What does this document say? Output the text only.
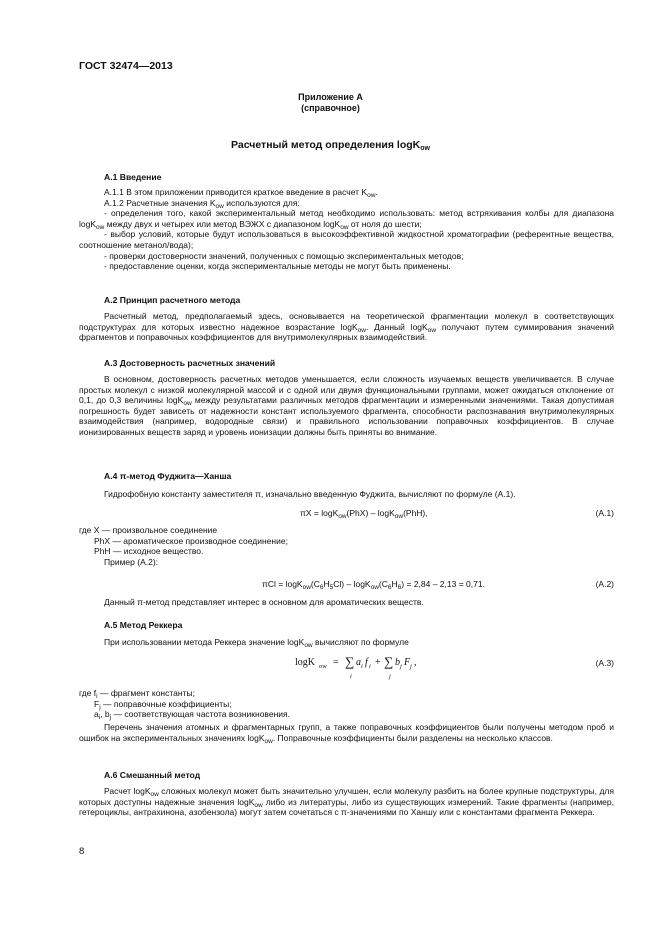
ГОСТ 32474—2013
Приложение А
(справочное)
Расчетный метод определения logK$_{ow}$
А.1 Введение

А.1.1 В этом приложении приводится краткое введение в расчет $K_{ow}$.

А.1.2 Расчетные значения $K_{ow}$ используются для:

- определения того, какой экспериментальный метод необходимо использовать: метод встряхивания колбы для диапазона logK$_{ow}$ между двух и четырех или метод ВЭЖХ с диапазоном logK$_{ow}$ от ноля до шести;

- выбор условий, которые будут использоваться в высокоэффективной жидкостной хроматографии (референтные вещества, соотношение метанол/вода);

- проверки достоверности значений, полученных с помощью экспериментальных методов;

- предоставление оценки, когда экспериментальные методы не могут быть применены.

А.2 Принцип расчетного метода

Расчетный метод, предполагаемый здесь, основывается на теоретической фрагментации молекул в соответствующих подструктурах для которых известно надежное возрастание logK$_{ow}$. Данный logK$_{ow}$ получают путем суммирования значений фрагментов и поправочных коэффициентов для внутримолекулярных взаимодействий.

А.3 Достоверность расчетных значений

В основном, достоверность расчетных методов уменьшается, если сложность изучаемых веществ увеличивается. В случае простых молекул с низкой молекулярной массой и с одной или двумя функциональными группами, может ожидаться отклонение от 0,1, до 0,3 величины logK$_{ow}$ между результатами различных методов фрагментации и измеренными значениями. Такая допустимая погрешность будет зависеть от надежности констант используемого фрагмента, способности распознавания внутримолекулярных взаимодействия (например, водородные связи) и правильного использовании поправочных коэффициентов. В случае ионизированных веществ заряд и уровень ионизации должны быть приняты во внимание.

А.4 π-метод Фуджита—Ханша

Гидрофобную константу заместителя π, изначально введенную Фуджита, вычисляют по формуле (А.1).

πX = logK$_{ow}$(PhX) – logK$_{ow}$(PhH),	(А.1)
где X — произвольное соединение
PhX — ароматическое производное соединение;
PhH — исходное вещество.
Пример (А.2):
$\pi Cl = \log K_{ow}(C_6H_5Cl) - \log K_{ow}(C_6H_6) = 2,84 - 2,13 = 0,71$.	(А.2)

Данный π-метод представляет интерес в основном для ароматических веществ.

А.5 Метод Реккера

При использовании метода Реккера значение logK$_{ow}$ вычисляют по формуле

logK ow = ∑
i
a i f i + ∑
j
b j F j ,	(А.3)
где $f_i$ — фрагмент константы;
$F_j$ — поправочные коэффициенты;
$a_i$, $b_j$ — соответствующая частота возникновения.

Перечень значения атомных и фрагментарных групп, а также поправочных коэффициентов были получены методом проб и ошибок на экспериментальных значениях logK$_{ow}$. Поправочные коэффициенты были разделены на несколько классов.

А.6 Смешанный метод

Расчет logK$_{ow}$ сложных молекул может быть значительно улучшен, если молекулу разбить на более крупные подструктуры, для которых доступны надежные значения logK$_{ow}$ либо из литературы, либо из существующих измерений. Такие фрагменты (например, гетероциклы, антрахинона, азобензола) могут затем сочетаться с π-значениями по Ханшу или с константами фрагмента Реккера.

8
